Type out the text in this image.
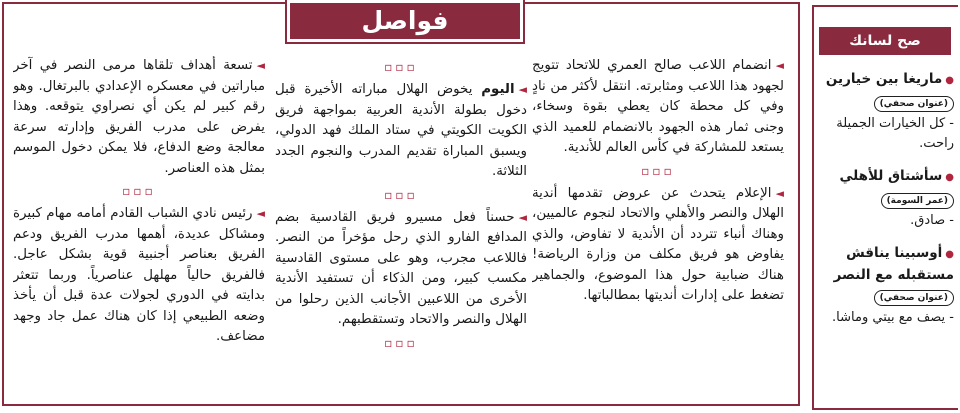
فواصل

◄انضمام اللاعب صالح العمري للاتحاد تتويج لجهود هذا اللاعب ومثابرته. انتقل لأكثر من نادٍ وفي كل محطة كان يعطي بقوة وسخاء، وجنى ثمار هذه الجهود بالانضمام للعميد الذي يستعد للمشاركة في كأس العالم للأندية.

▫▫▫

◄الإعلام يتحدث عن عروض تقدمها أندية الهلال والنصر والأهلي والاتحاد لنجوم عالميين، وهناك أنباء تتردد أن الأندية لا تفاوض، والذي يفاوض هو فريق مكلف من وزارة الرياضة! هناك ضبابية حول هذا الموضوع، والجماهير تضغط على إدارات أنديتها بمطالباتها.

▫▫▫

◄اليوم يخوض الهلال مباراته الأخيرة قبل دخول بطولة الأندية العربية بمواجهة فريق الكويت الكويتي في ستاد الملك فهد الدولي، ويسبق المباراة تقديم المدرب والنجوم الجدد الثلاثة.

▫▫▫

◄حسناً فعل مسيرو فريق القادسية بضم المدافع الفارو الذي رحل مؤخراً من النصر. فاللاعب مجرب، وهو على مستوى القادسية مكسب كبير، ومن الذكاء أن تستفيد الأندية الأخرى من اللاعبين الأجانب الذين رحلوا من الهلال والنصر والاتحاد وتستقطبهم.

▫▫▫

◄تسعة أهداف تلقاها مرمى النصر في آخر مباراتين في معسكره الإعدادي بالبرتغال. وهو رقم كبير لم يكن أي نصراوي يتوقعه. وهذا يفرض على مدرب الفريق وإدارته سرعة معالجة وضع الدفاع، فلا يمكن دخول الموسم بمثل هذه العناصر.

▫▫▫

◄رئيس نادي الشباب القادم أمامه مهام كبيرة ومشاكل عديدة، أهمها مدرب الفريق ودعم الفريق بعناصر أجنبية قوية بشكل عاجل. فالفريق حالياً مهلهل عناصرياً. وربما تتعثر بدايته في الدوري لجولات عدة قبل أن يأخذ وضعه الطبيعي إذا كان هناك عمل جاد وجهد مضاعف.

صح لسانك
●ماريغا بين خيارين
(عنوان صحفي)
- كل الخيارات الجميلة راحت.
●سأشتاق للأهلي
(عمر السومة)
- صادق.
●أوسبينا يناقش مستقبله مع النصر
(عنوان صحفي)
- يصف مع بيتي وماشا.
